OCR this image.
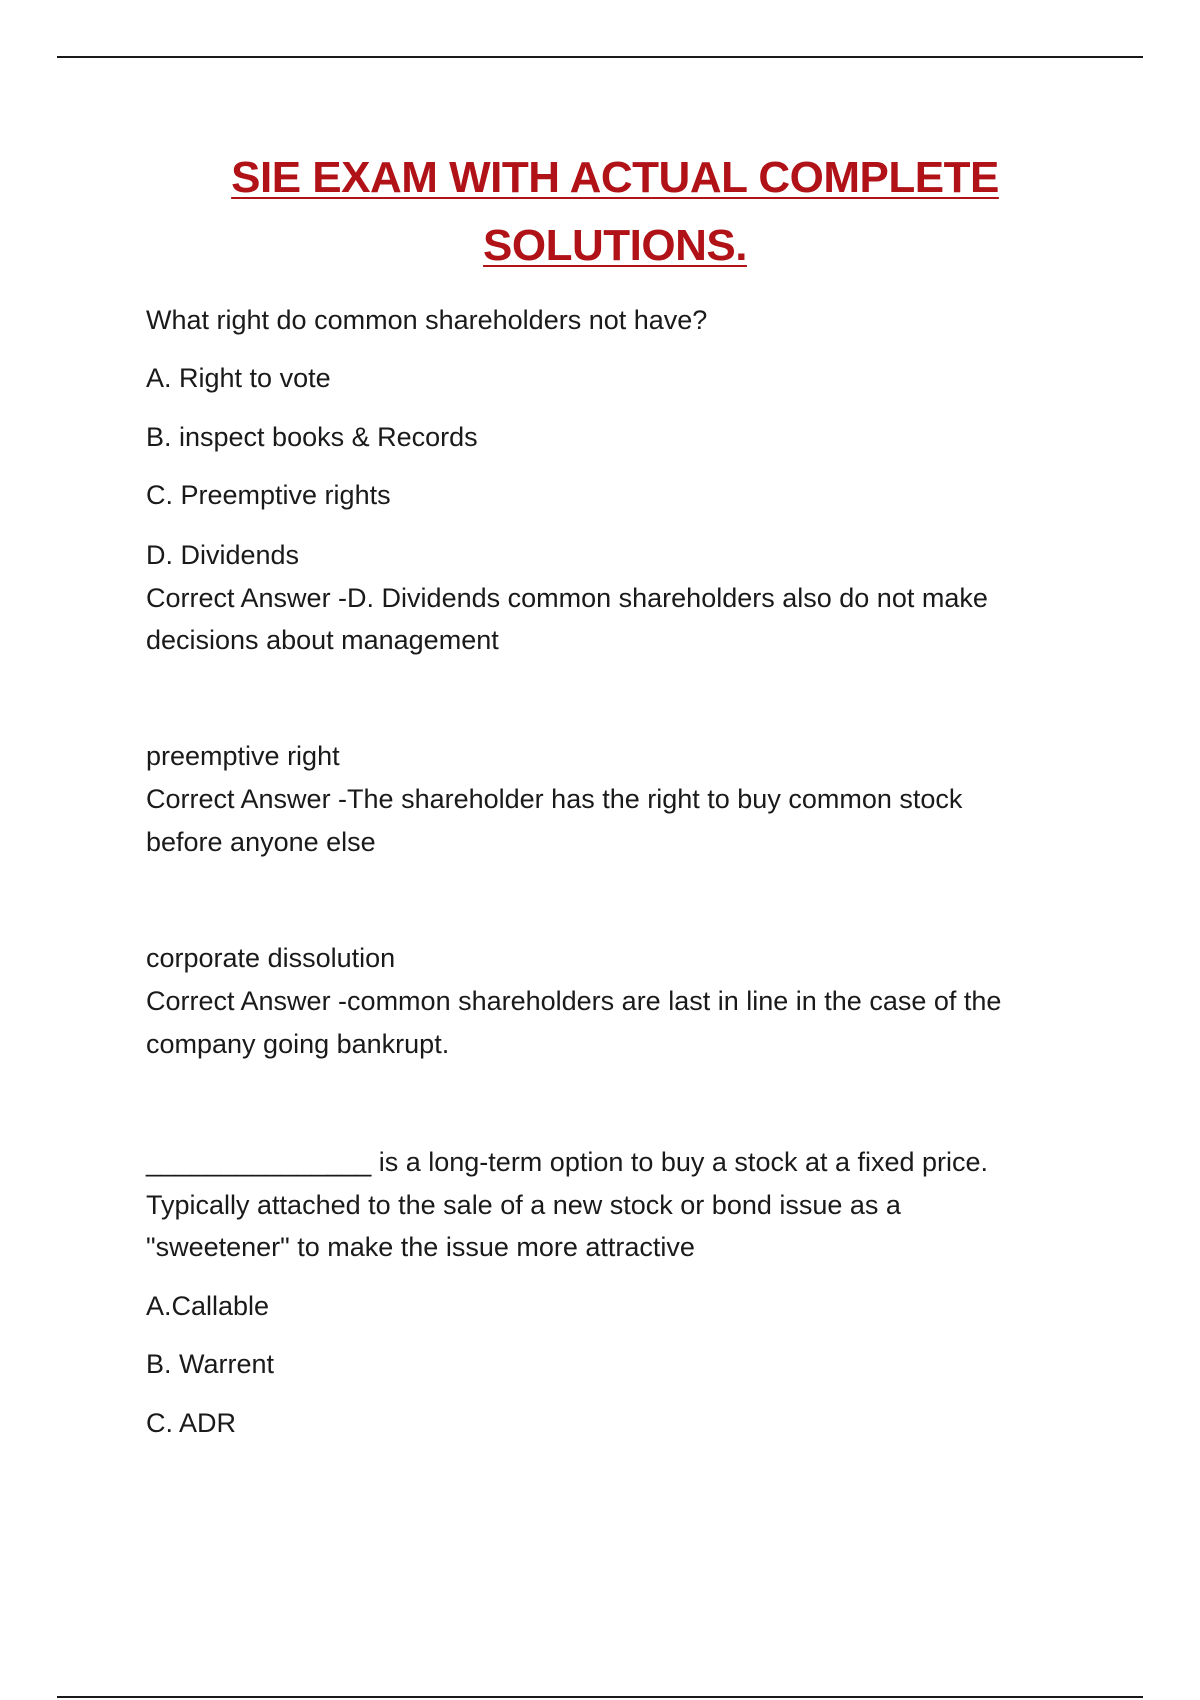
SIE EXAM WITH ACTUAL COMPLETE
SOLUTIONS.
What right do common shareholders not have?
A. Right to vote
B. inspect books & Records
C. Preemptive rights
D. Dividends
Correct Answer -D. Dividends common shareholders also do not make
decisions about management
preemptive right
Correct Answer -The shareholder has the right to buy common stock
before anyone else
corporate dissolution
Correct Answer -common shareholders are last in line in the case of the
company going bankrupt.
_______________ is a long-term option to buy a stock at a fixed price.
Typically attached to the sale of a new stock or bond issue as a
"sweetener" to make the issue more attractive
A.Callable
B. Warrent
C. ADR
